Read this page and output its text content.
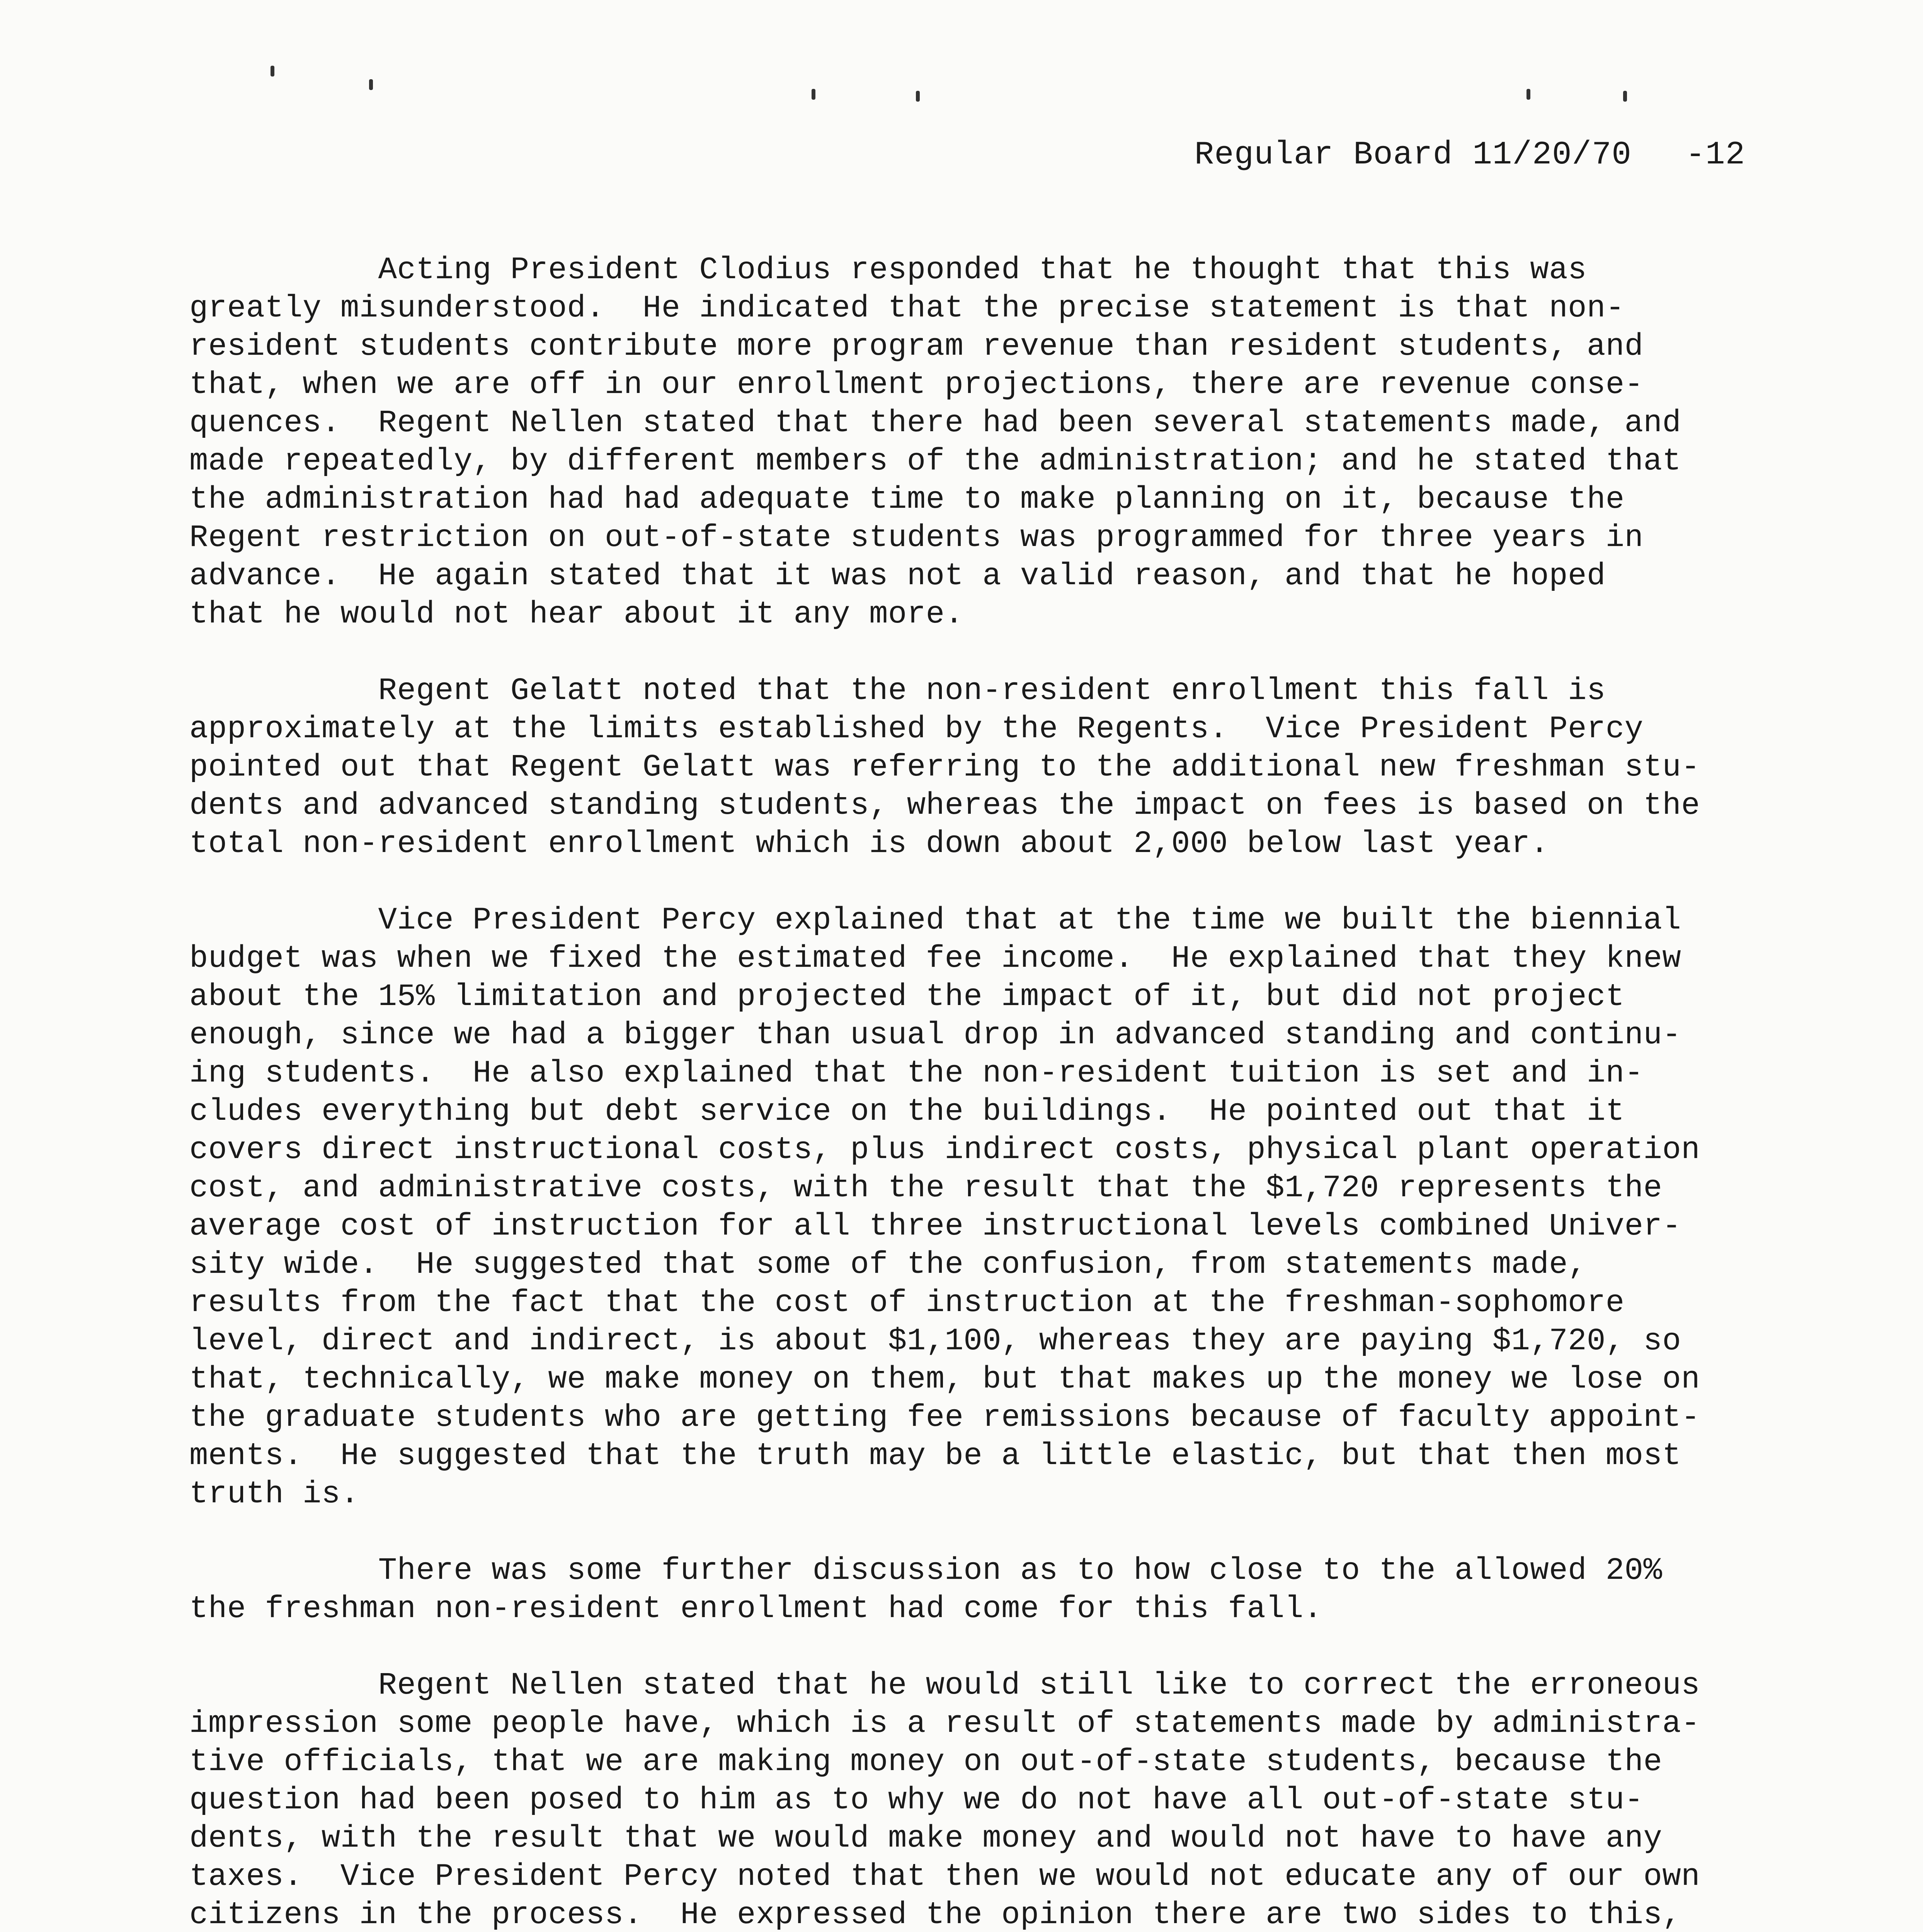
Regular Board 11/20/70 -12
Acting President Clodius responded that he thought that this was
greatly misunderstood.  He indicated that the precise statement is that non-
resident students contribute more program revenue than resident students, and
that, when we are off in our enrollment projections, there are revenue conse-
quences.  Regent Nellen stated that there had been several statements made, and
made repeatedly, by different members of the administration; and he stated that
the administration had had adequate time to make planning on it, because the
Regent restriction on out-of-state students was programmed for three years in
advance.  He again stated that it was not a valid reason, and that he hoped
that he would not hear about it any more.
Regent Gelatt noted that the non-resident enrollment this fall is
approximately at the limits established by the Regents.  Vice President Percy
pointed out that Regent Gelatt was referring to the additional new freshman stu-
dents and advanced standing students, whereas the impact on fees is based on the
total non-resident enrollment which is down about 2,000 below last year.
Vice President Percy explained that at the time we built the biennial
budget was when we fixed the estimated fee income.  He explained that they knew
about the 15% limitation and projected the impact of it, but did not project
enough, since we had a bigger than usual drop in advanced standing and continu-
ing students.  He also explained that the non-resident tuition is set and in-
cludes everything but debt service on the buildings.  He pointed out that it
covers direct instructional costs, plus indirect costs, physical plant operation
cost, and administrative costs, with the result that the $1,720 represents the
average cost of instruction for all three instructional levels combined Univer-
sity wide.  He suggested that some of the confusion, from statements made,
results from the fact that the cost of instruction at the freshman-sophomore
level, direct and indirect, is about $1,100, whereas they are paying $1,720, so
that, technically, we make money on them, but that makes up the money we lose on
the graduate students who are getting fee remissions because of faculty appoint-
ments.  He suggested that the truth may be a little elastic, but that then most
truth is.
There was some further discussion as to how close to the allowed 20%
the freshman non-resident enrollment had come for this fall.
Regent Nellen stated that he would still like to correct the erroneous
impression some people have, which is a result of statements made by administra-
tive officials, that we are making money on out-of-state students, because the
question had been posed to him as to why we do not have all out-of-state stu-
dents, with the result that we would make money and would not have to have any
taxes.  Vice President Percy noted that then we would not educate any of our own
citizens in the process.  He expressed the opinion there are two sides to this,
